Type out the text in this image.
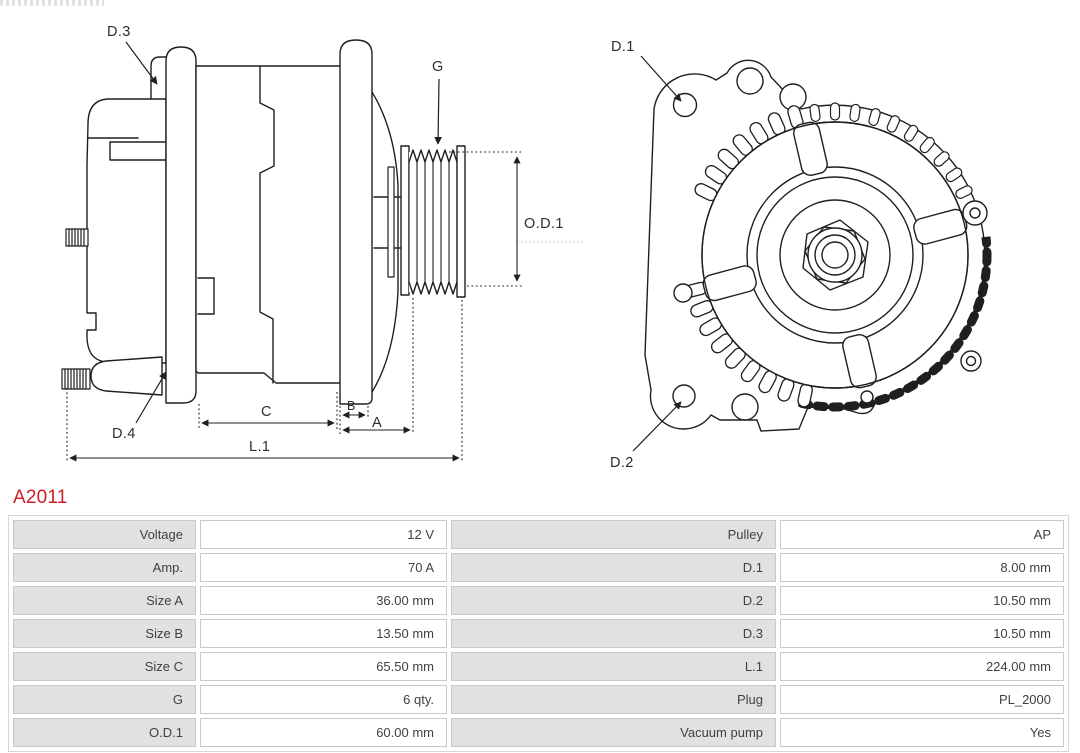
D.3
G
O.D.1
D.4
C	B
A
L.1
D.1
D.2
A2011
Voltage	12 V	Pulley	AP
Amp.	70 A	D.1	8.00 mm
Size A	36.00 mm	D.2	10.50 mm
Size B	13.50 mm	D.3	10.50 mm
Size C	65.50 mm	L.1	224.00 mm
G	6 qty.	Plug	PL_2000
O.D.1	60.00 mm	Vacuum pump	Yes
